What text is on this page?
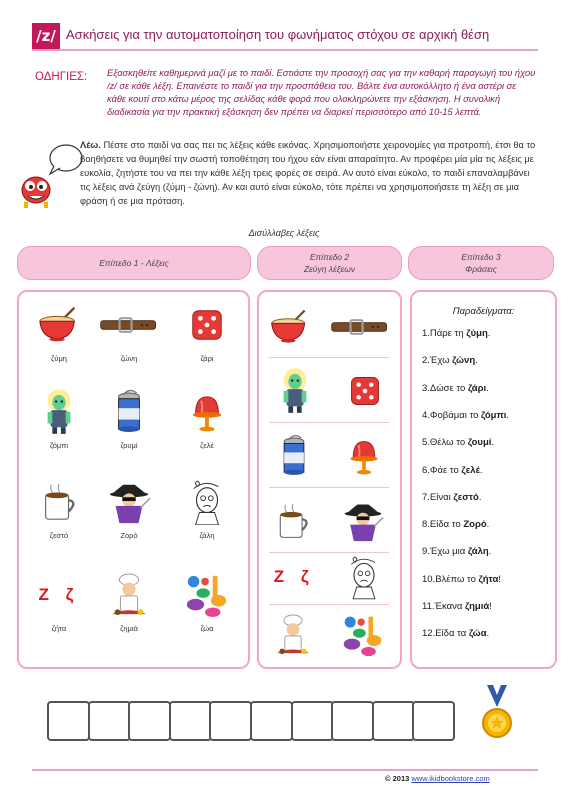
/z/ Ασκήσεις για την αυτοματοποίηση του φωνήματος στόχου σε αρχική θέση
ΟΔΗΓΙΕΣ: Εξασκηθείτε καθημερινά μαζί με το παιδί. Εστιάστε την προσοχή σας για την καθαρή παραγωγή του ήχου /z/ σε κάθε λέξη. Επαινέστε το παιδί για την προσπάθεια του. Βάλτε ένα αυτοκόλλητο ή ένα αστέρι σε κάθε κουτί στο κάτω μέρος της σελίδας κάθε φορά που ολοκληρώνετε την εξάσκηση. Η συνολική διαδικασία για την πρακτική εξάσκηση δεν πρέπει να διαρκεί περισσότερο από 10-15 λεπτά.
Λέω. Πέστε στο παιδί να σας πει τις λέξεις κάθε εικόνας. Χρησιμοποιήστε χειρονομίες για προτροπή, έτσι θα το βοηθήσετε να θυμηθεί την σωστή τοποθέτηση του ήχου εάν είναι απαραίτητο. Αν προφέρει μία μία τις λέξεις με ευκολία, ζητήστε του να πει την κάθε λέξη τρεις φορές σε σειρά. Αν αυτό είναι εύκολο, το παιδί επαναλαμβάνει τις λέξεις ανά ζεύγη (ζύμη - ζώνη). Αν και αυτό είναι εύκολο, τότε πρέπει να χρησιμοποιήσετε τη λέξη σε μια φράση ή σε μια πρόταση.
Δισύλλαβες λέξεις
Επίπεδο 1 - Λέξεις
Επίπεδο 2
Ζεύγη λέξεων
Επίπεδο 3
Φράσεις
ζύμη	ζώνη	ζάρι
ζόμπι	ζουμί	ζελέ
ζεστό	Ζορό	ζάλη
Ζ ζ
ζήτα	ζημιά	ζώα
Ζ ζ
Παραδείγματα:
1.Πάρε τη ζύμη.
2.Έχω ζώνη.
3.Δώσε το ζάρι.
4.Φοβάμαι το ζόμπι.
5.Θέλω το ζουμί.
6.Φάε το ζελέ.
7.Είναι ζεστό.
8.Είδα το Ζορό.
9.Έχω μια ζάλη.
10.Βλέπω το ζήτα!
11.Έκανα ζημιά!
12.Είδα τα ζώα.
© 2013 www.ikidbookstore.com
